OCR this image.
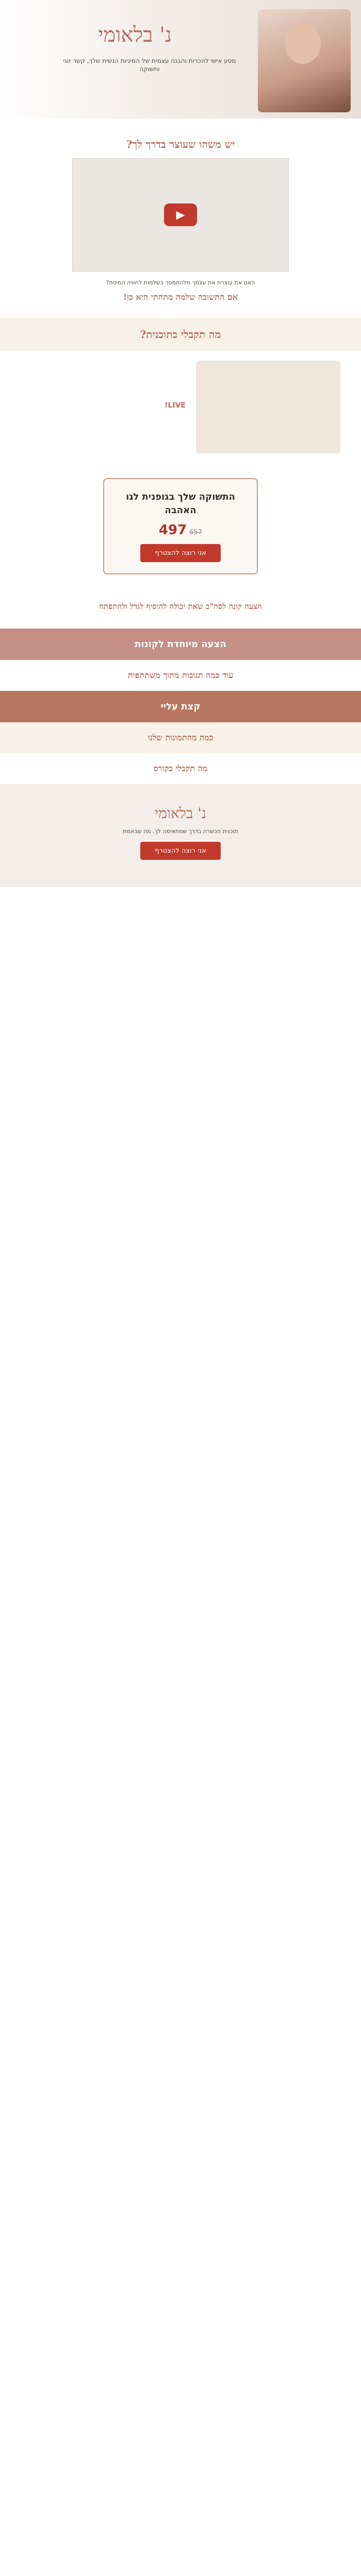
נ' בלאומי
מסע אישי להכרות והבנה עצמית של המיניות הנשית שלך, קשר זוגי ותשוקה
יש משהו שעוצר בדרך לך?
▶

האם את עוצרת את עצמך מלהתמסר בשלמות לחוויה המינית?

אם התשובה שלמה מתחתי היא כן!
מה תקבלי בתוכנית?
LIVE!

התשוקה שלך בגופנית לגו האהבה
657 497
אני רוצה להצטרף
הצעה קונה לסה"כ שאת יכולה להוסיף לגדל ולהתפתח
הצעה מיוחדת לקונות
עוד כמה תגובות מתוך משתתפות
קצת עליי
כמה מהתמונות שלנו
מה תקבלי בקורס
נ' בלאומי

תוכנית הכשרה בדרך שמתאימה לך, מה שבאמת

אני רוצה להצטרף
